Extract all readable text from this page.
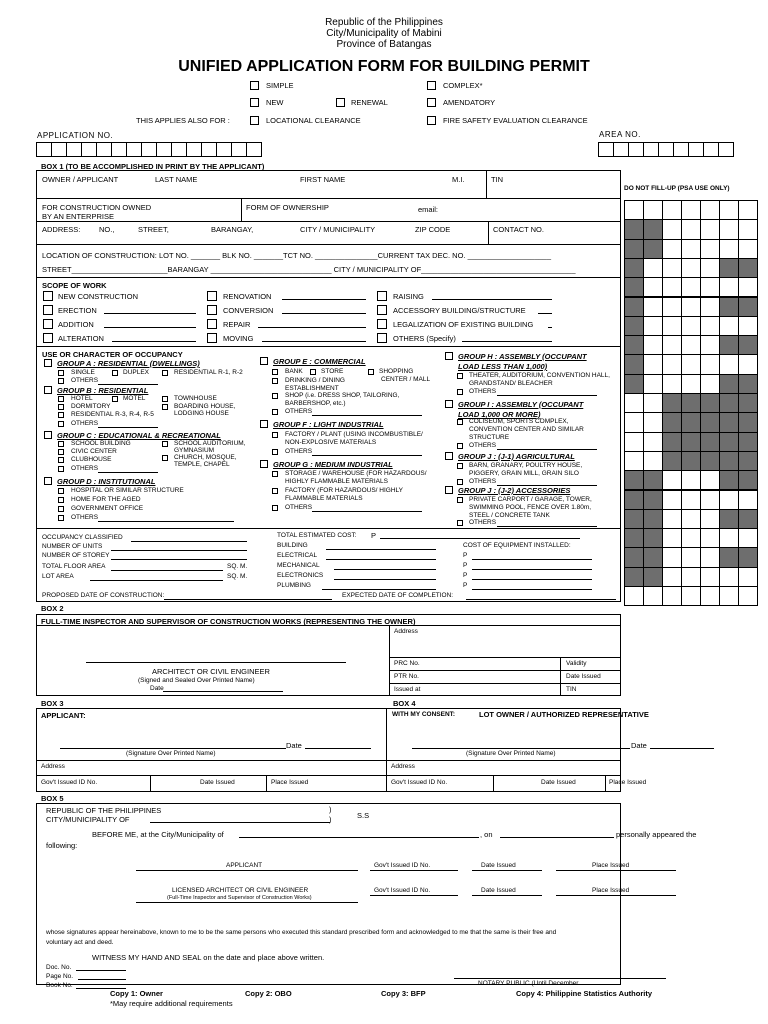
Republic of the Philippines
City/Municipality of Mabini
Province of Batangas
UNIFIED APPLICATION FORM FOR BUILDING PERMIT
SIMPLE	COMPLEX*
NEW	RENEWAL	AMENDATORY
THIS APPLIES ALSO FOR :	LOCATIONAL CLEARANCE	FIRE SAFETY EVALUATION CLEARANCE
APPLICATION NO.	AREA NO.
BOX 1 (TO BE ACCOMPLISHED IN PRINT BY THE APPLICANT)
OWNER / APPLICANT	LAST NAME	FIRST NAME	M.I.	TIN
FOR CONSTRUCTION OWNED
BY AN ENTERPRISE
FORM OF OWNERSHIP	email:
ADDRESS: NO.,	STREET,	BARANGAY,	CITY / MUNICIPALITY	ZIP CODE	CONTACT NO.
LOCATION OF CONSTRUCTION: LOT NO. _______ BLK NO. _______TCT NO. _______________CURRENT TAX DEC. NO. ____________________
STREET_______________________BARANGAY _____________________________ CITY / MUNICIPALITY OF_____________________________________
SCOPE OF WORK
NEW CONSTRUCTION
ERECTION
ADDITION
ALTERATION
RENOVATION
CONVERSION
REPAIR
MOVING
RAISING
ACCESSORY BUILDING/STRUCTURE
LEGALIZATION OF EXISTING BUILDING
OTHERS (Specify)
USE OR CHARACTER OF OCCUPANCY
GROUP A : RESIDENTIAL (DWELLINGS)
SINGLE	DUPLEX	RESIDENTIAL R-1, R-2
OTHERS
GROUP B : RESIDENTIAL
HOTEL	MOTEL	TOWNHOUSE
DORMITORY	BOARDING HOUSE,
LODGING HOUSE
RESIDENTIAL R-3, R-4, R-5
OTHERS
GROUP C : EDUCATIONAL & RECREATIONAL
SCHOOL BUILDING	SCHOOL AUDITORIUM,
GYMNASIUM
CIVIC CENTER
CHURCH, MOSQUE,
TEMPLE, CHAPEL
CLUBHOUSE
OTHERS
GROUP D : INSTITUTIONAL
HOSPITAL OR SIMILAR STRUCTURE
HOME FOR THE AGED
GOVERNMENT OFFICE
OTHERS
GROUP E : COMMERCIAL
BANK	STORE	SHOPPING
CENTER / MALL
DRINKING / DINING
ESTABLISHMENT
SHOP (i.e. DRESS SHOP, TAILORING,
BARBERSHOP, etc.)
OTHERS
GROUP F : LIGHT INDUSTRIAL
FACTORY / PLANT (USING INCOMBUSTIBLE/
NON-EXPLOSIVE MATERIALS
OTHERS
GROUP G : MEDIUM INDUSTRIAL
STORAGE / WAREHOUSE (FOR HAZARDOUS/
HIGHLY FLAMMABLE MATERIALS
FACTORY (FOR HAZARDOUS/ HIGHLY
FLAMMABLE MATERIALS
OTHERS
GROUP H : ASSEMBLY (OCCUPANT
LOAD LESS THAN 1,000)
THEATER, AUDITORIUM, CONVENTION HALL,
GRANDSTAND/ BLEACHER
OTHERS
GROUP I : ASSEMBLY (OCCUPANT
LOAD 1,000 OR MORE)
COLISEUM, SPORTS COMPLEX,
CONVENTION CENTER AND SIMILAR
STRUCTURE
OTHERS
GROUP J : (J-1) AGRICULTURAL
BARN, GRANARY, POULTRY HOUSE,
PIGGERY, GRAIN MILL, GRAIN SILO
OTHERS
GROUP J : (J-2) ACCESSORIES
PRIVATE CARPORT / GARAGE, TOWER,
SWIMMING POOL, FENCE OVER 1.80m,
STEEL / CONCRETE TANK
OTHERS
OCCUPANCY CLASSIFIED
NUMBER OF UNITS
NUMBER OF STOREY
TOTAL FLOOR AREA	SQ. M.
LOT AREA	SQ. M.
TOTAL ESTIMATED COST: P
BUILDING
ELECTRICAL
MECHANICAL
ELECTRONICS
PLUMBING
COST OF EQUIPMENT INSTALLED:
P
P
P
P
PROPOSED DATE OF CONSTRUCTION:	EXPECTED DATE OF COMPLETION:
DO NOT FILL-UP (PSA USE ONLY)
BOX 2
FULL-TIME INSPECTOR AND SUPERVISOR OF CONSTRUCTION WORKS (REPRESENTING THE OWNER)
Address
ARCHITECT OR CIVIL ENGINEER
(Signed and Sealed Over Printed Name)
Date
PRC No.	Validity
PTR No.	Date Issued
Issued at	TIN
BOX 3	BOX 4
APPLICANT:
Date
(Signature Over Printed Name)
Address
Gov't Issued ID No.	Date Issued	Place Issued
WITH MY CONSENT:	LOT OWNER / AUTHORIZED REPRESENTATIVE
Date
(Signature Over Printed Name)
Address
Gov't Issued ID No.	Date Issued	Place Issued
BOX 5
REPUBLIC OF THE PHILIPPINES
CITY/MUNICIPALITY OF
)
)	S.S
BEFORE ME, at the City/Municipality of	, on	personally appeared the
following:
APPLICANT	Gov't Issued ID No.	Date Issued	Place Issued
LICENSED ARCHITECT OR CIVIL ENGINEER
(Full-Time Inspector and Supervisor of Construction Works)
Gov't Issued ID No.	Date Issued	Place Issued
whose signatures appear hereinabove, known to me to be the same persons who executed this standard prescribed form and acknowledged to me that the same is their free and
voluntary act and deed.
WITNESS MY HAND AND SEAL on the date and place above written.
Doc. No.
Page No.
Book No.	NOTARY PUBLIC (Until December
Copy 1: Owner	Copy 2: OBO	Copy 3: BFP	Copy 4: Philippine Statistics Authority
*May require additional requirements
